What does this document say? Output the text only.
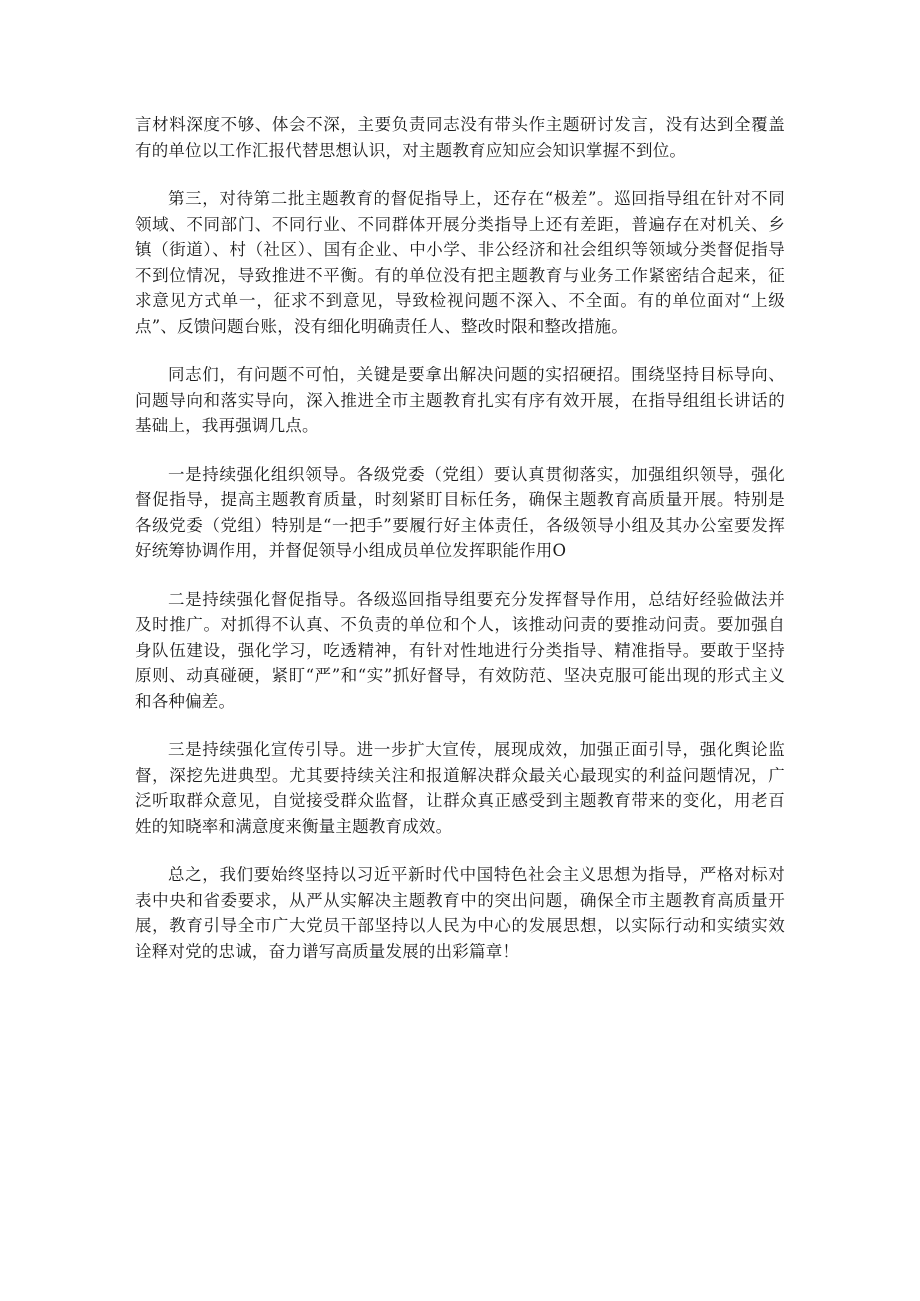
言材料深度不够、体会不深，主要负责同志没有带头作主题研讨发言，没有达到全覆盖有的单位以工作汇报代替思想认识，对主题教育应知应会知识掌握不到位。

第三，对待第二批主题教育的督促指导上，还存在“极差”。巡回指导组在针对不同领域、不同部门、不同行业、不同群体开展分类指导上还有差距，普遍存在对机关、乡镇（街道）、村（社区）、国有企业、中小学、非公经济和社会组织等领域分类督促指导不到位情况，导致推进不平衡。有的单位没有把主题教育与业务工作紧密结合起来，征求意见方式单一，征求不到意见，导致检视问题不深入、不全面。有的单位面对“上级点”、反馈问题台账，没有细化明确责任人、整改时限和整改措施。

同志们，有问题不可怕，关键是要拿出解决问题的实招硬招。围绕坚持目标导向、问题导向和落实导向，深入推进全市主题教育扎实有序有效开展，在指导组组长讲话的基础上，我再强调几点。

一是持续强化组织领导。各级党委（党组）要认真贯彻落实，加强组织领导，强化督促指导，提高主题教育质量，时刻紧盯目标任务，确保主题教育高质量开展。特别是各级党委（党组）特别是“一把手”要履行好主体责任，各级领导小组及其办公室要发挥好统筹协调作用，并督促领导小组成员单位发挥职能作用O

二是持续强化督促指导。各级巡回指导组要充分发挥督导作用，总结好经验做法并及时推广。对抓得不认真、不负责的单位和个人，该推动问责的要推动问责。要加强自身队伍建设，强化学习，吃透精神，有针对性地进行分类指导、精准指导。要敢于坚持原则、动真碰硬，紧盯“严”和“实”抓好督导，有效防范、坚决克服可能出现的形式主义和各种偏差。

三是持续强化宣传引导。进一步扩大宣传，展现成效，加强正面引导，强化舆论监督，深挖先进典型。尤其要持续关注和报道解决群众最关心最现实的利益问题情况，广泛听取群众意见，自觉接受群众监督，让群众真正感受到主题教育带来的变化，用老百姓的知晓率和满意度来衡量主题教育成效。

总之，我们要始终坚持以习近平新时代中国特色社会主义思想为指导，严格对标对表中央和省委要求，从严从实解决主题教育中的突出问题，确保全市主题教育高质量开展，教育引导全市广大党员干部坚持以人民为中心的发展思想，以实际行动和实绩实效诠释对党的忠诚，奋力谱写高质量发展的出彩篇章！
